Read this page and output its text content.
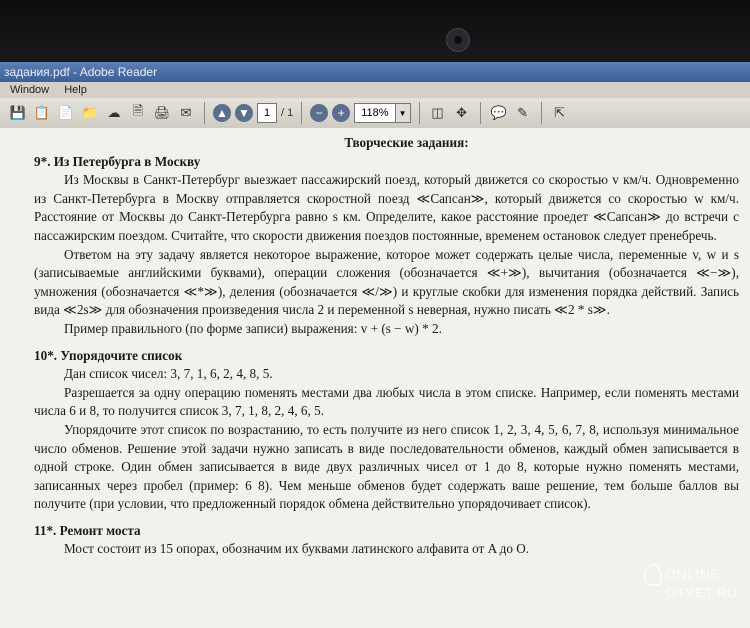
задания.pdf - Adobe Reader
Window Help
💾 📋 📄 📁 ☁ 🗎 🖨 ✉	▲ ▼	1 / 1	−	+	118%	▼ ◫ ✥	💬 ✎	⇱
Творческие задания:
9*. Из Петербурга в Москву

Из Москвы в Санкт-Петербург выезжает пассажирский поезд, который движется со скоростью v км/ч. Одновременно из Санкт-Петербурга в Москву отправляется скоростной поезд ≪Сапсан≫, который движется со скоростью w км/ч. Расстояние от Москвы до Санкт-Петербурга равно s км. Определите, какое расстояние проедет ≪Сапсан≫ до встречи с пассажирским поездом. Считайте, что скорости движения поездов постоянные, временем остановок следует пренебречь.

Ответом на эту задачу является некоторое выражение, которое может содержать целые числа, переменные v, w и s (записываемые английскими буквами), операции сложения (обозначается ≪+≫), вычитания (обозначается ≪−≫), умножения (обозначается ≪*≫), деления (обозначается ≪/≫) и круглые скобки для изменения порядка действий. Запись вида ≪2s≫ для обозначения произведения числа 2 и переменной s неверная, нужно писать ≪2 * s≫.

Пример правильного (по форме записи) выражения: v + (s − w) * 2.

10*. Упорядочите список

Дан список чисел: 3, 7, 1, 6, 2, 4, 8, 5.

Разрешается за одну операцию поменять местами два любых числа в этом списке. Например, если поменять местами числа 6 и 8, то получится список 3, 7, 1, 8, 2, 4, 6, 5.

Упорядочите этот список по возрастанию, то есть получите из него список 1, 2, 3, 4, 5, 6, 7, 8, используя минимальное число обменов. Решение этой задачи нужно записать в виде последовательности обменов, каждый обмен записывается в одной строке. Один обмен записывается в виде двух различных чисел от 1 до 8, которые нужно поменять местами, записанных через пробел (пример: 6 8). Чем меньше обменов будет содержать ваше решение, тем больше баллов вы получите (при условии, что предложенный порядок обмена действительно упорядочивает список).

11*. Ремонт моста

Мост состоит из 15 опорах, обозначим их буквами латинского алфавита от A до O.

ONLINE
OTVET.RU
